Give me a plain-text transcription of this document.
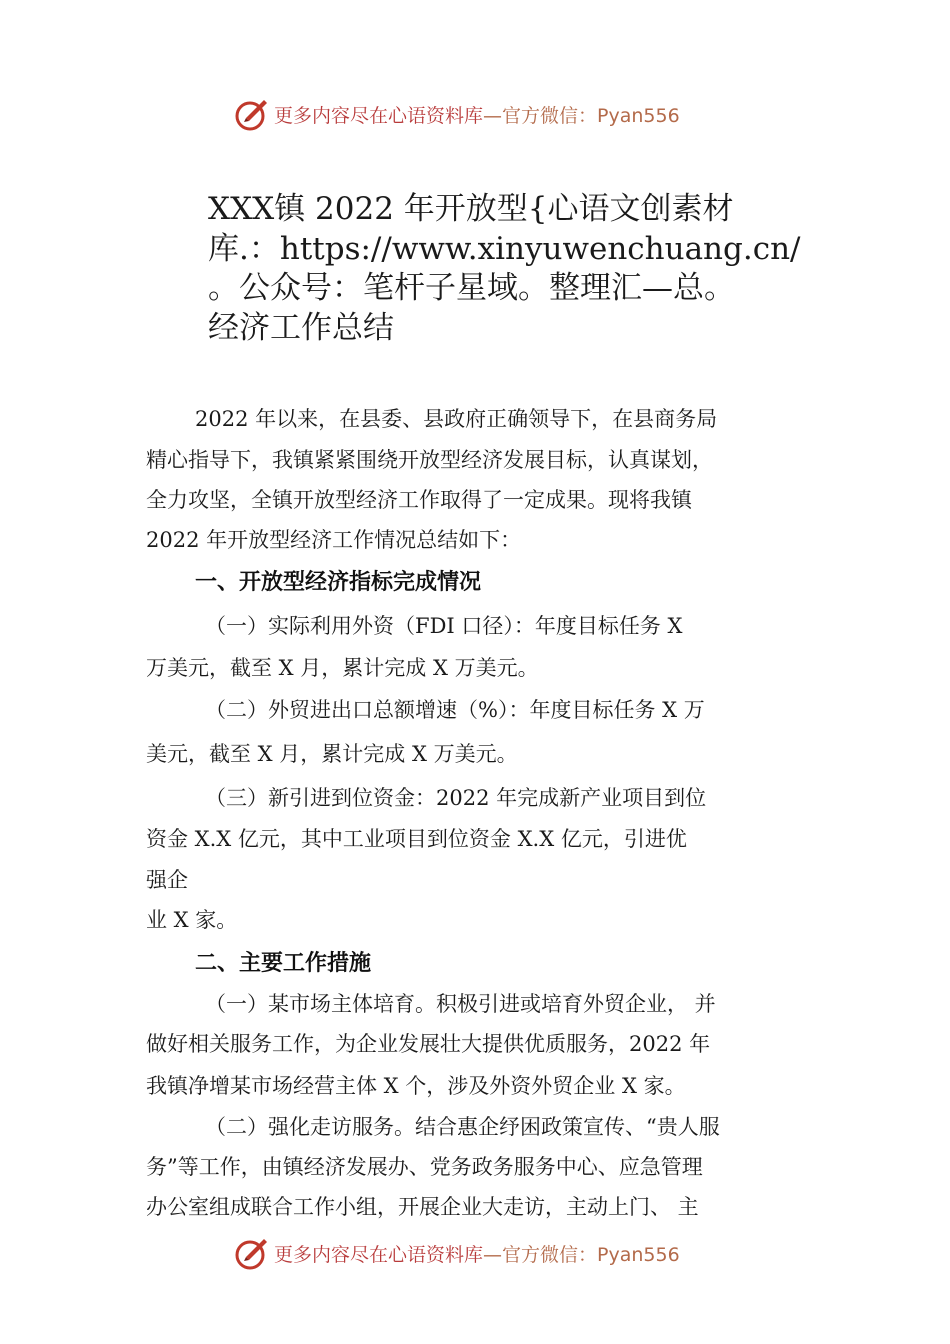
更多内容尽在心语资料库 —官方微信：Pyan556
XXX镇 2022 年开放型{心语文创素材
库.：https://www.xinyuwenchuang.cn/
。公众号：笔杆子星域。整理汇—总。
经济工作总结
2022 年以来，在县委、县政府正确领导下，在县商务局
精心指导下，我镇紧紧围绕开放型经济发展目标，认真谋划，
全力攻坚，全镇开放型经济工作取得了一定成果。现将我镇
2022 年开放型经济工作情况总结如下：
一、开放型经济指标完成情况
（一）实际利用外资（FDI 口径）：年度目标任务 X
万美元，截至 X 月，累计完成 X 万美元。
（二）外贸进出口总额增速（%）：年度目标任务 X 万
美元，截至 X 月，累计完成 X 万美元。
（三）新引进到位资金：2022 年完成新产业项目到位
资金 X.X 亿元，其中工业项目到位资金 X.X 亿元，引进优
强企
业 X 家。
二、主要工作措施
（一）某市场主体培育。积极引进或培育外贸企业， 并
做好相关服务工作，为企业发展壮大提供优质服务，2022 年
我镇净增某市场经营主体 X 个，涉及外资外贸企业 X 家。
（二）强化走访服务。结合惠企纾困政策宣传、“贵人服
务”等工作，由镇经济发展办、党务政务服务中心、应急管理
办公室组成联合工作小组，开展企业大走访，主动上门、 主
更多内容尽在心语资料库 —官方微信：Pyan556
